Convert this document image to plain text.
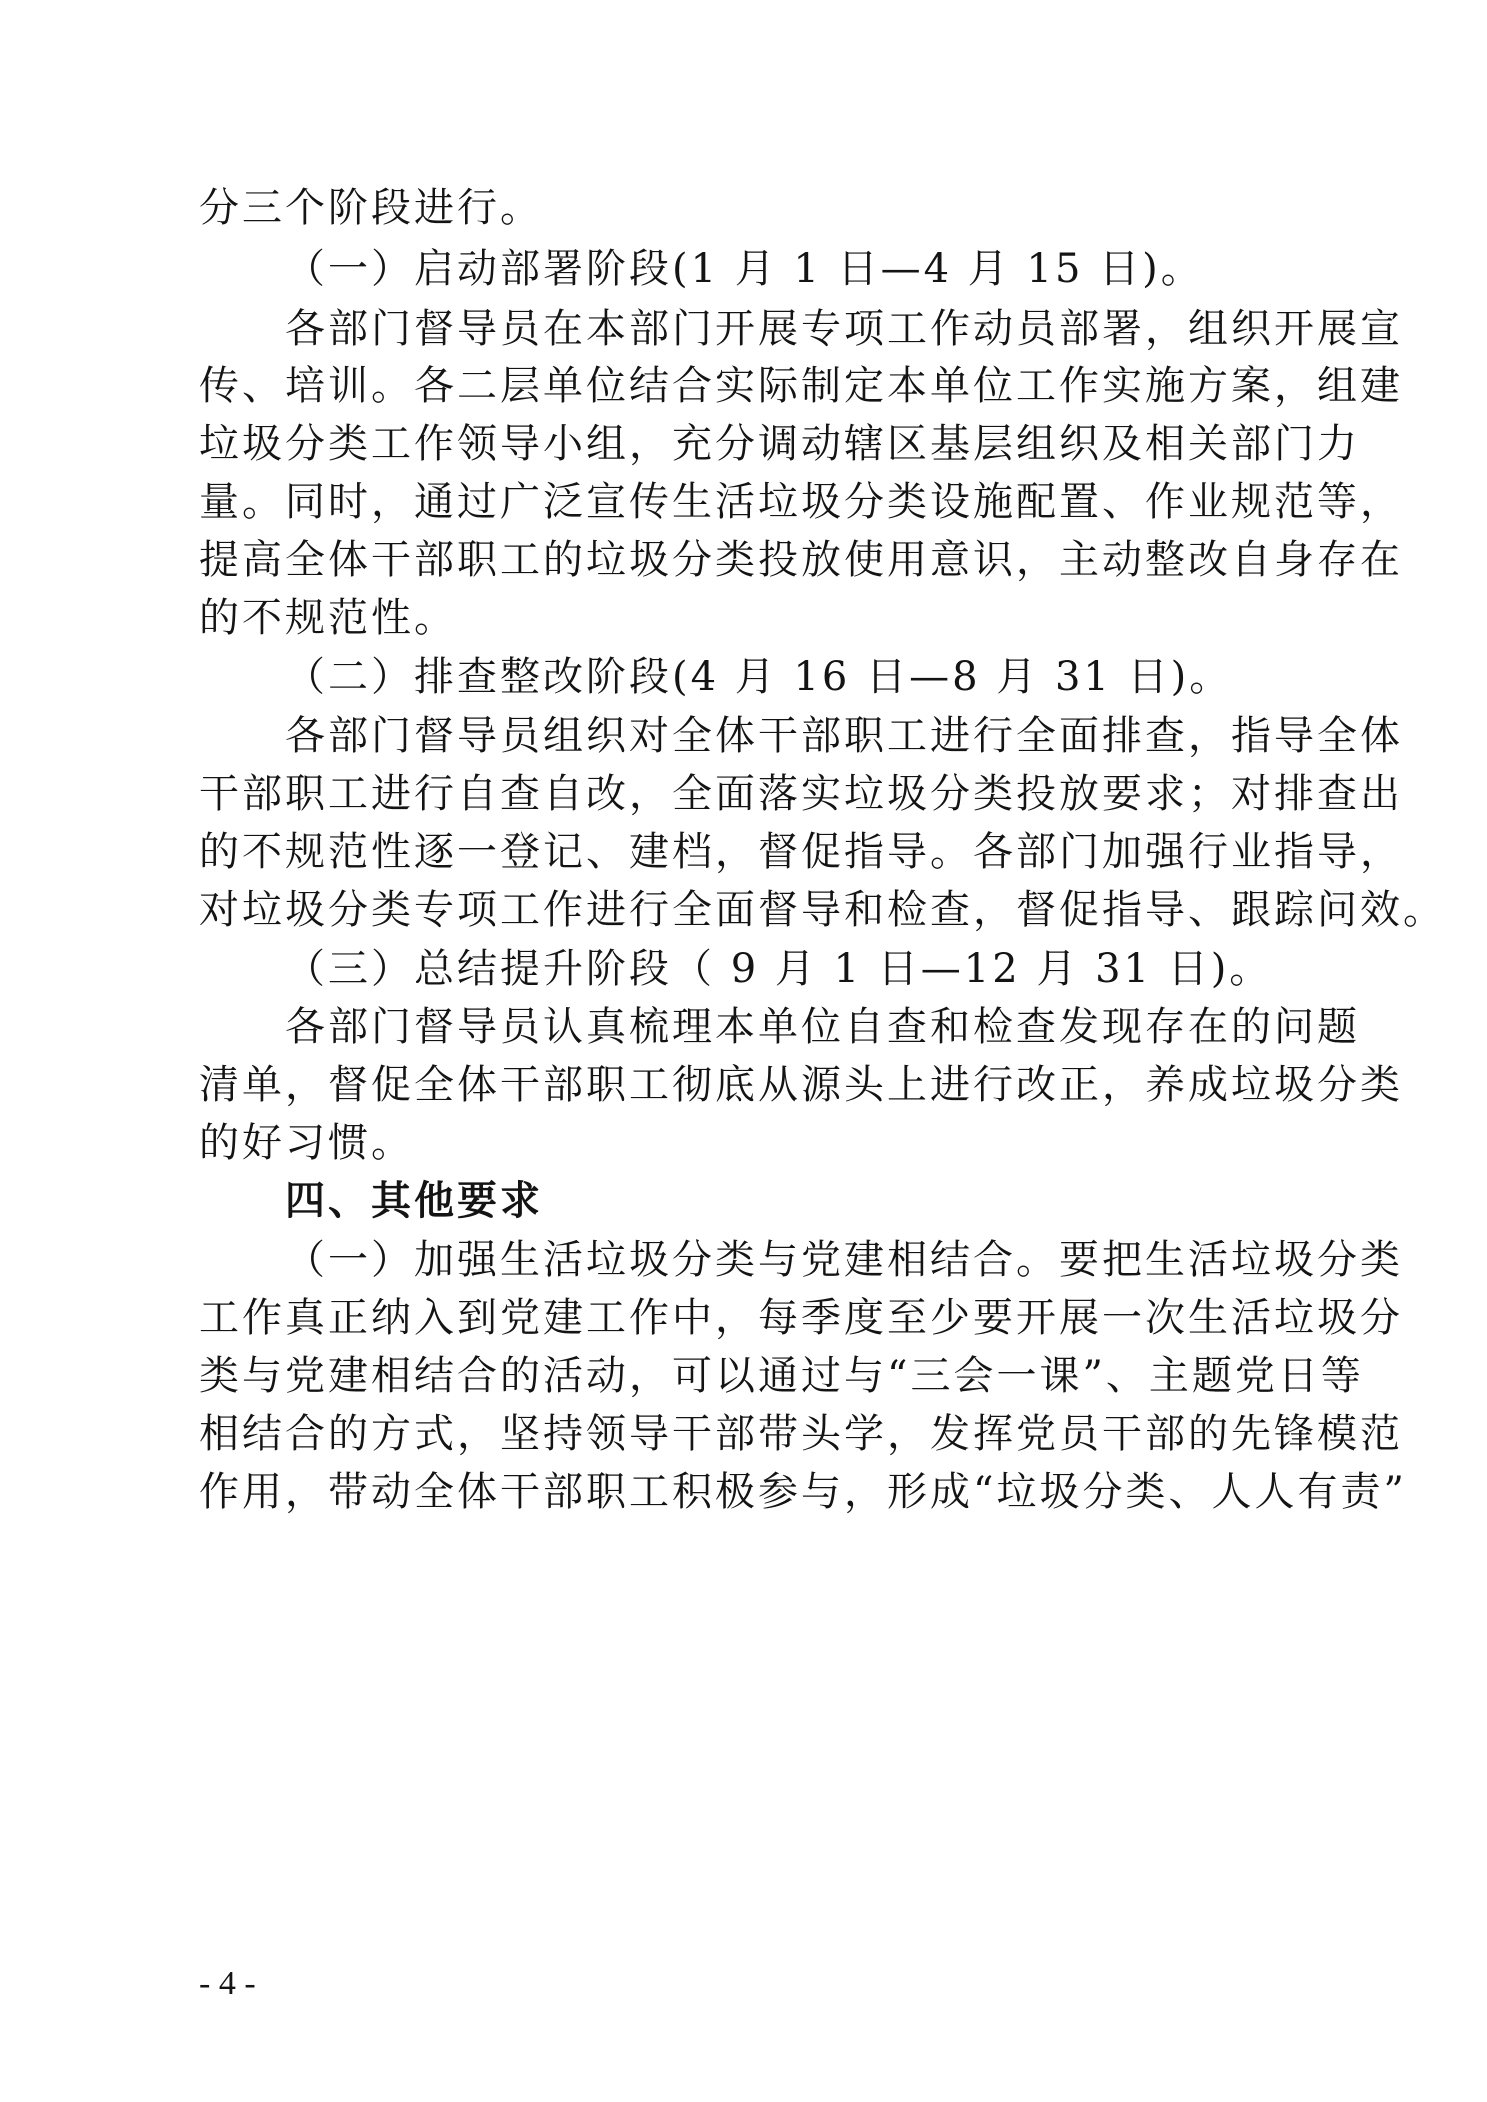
分三个阶段进行。
（一）启动部署阶段(1 月 1 日—4 月 15 日)。
各部门督导员在本部门开展专项工作动员部署，组织开展宣
传、培训。各二层单位结合实际制定本单位工作实施方案，组建
垃圾分类工作领导小组，充分调动辖区基层组织及相关部门力
量。同时，通过广泛宣传生活垃圾分类设施配置、作业规范等，
提高全体干部职工的垃圾分类投放使用意识，主动整改自身存在
的不规范性。
（二）排查整改阶段(4 月 16 日—8 月 31 日)。
各部门督导员组织对全体干部职工进行全面排查，指导全体
干部职工进行自查自改，全面落实垃圾分类投放要求；对排查出
的不规范性逐一登记、建档，督促指导。各部门加强行业指导，
对垃圾分类专项工作进行全面督导和检查，督促指导、跟踪问效。
（三）总结提升阶段（ 9 月 1 日—12 月 31 日)。
各部门督导员认真梳理本单位自查和检查发现存在的问题
清单，督促全体干部职工彻底从源头上进行改正，养成垃圾分类
的好习惯。
四、其他要求
（一）加强生活垃圾分类与党建相结合。要把生活垃圾分类
工作真正纳入到党建工作中，每季度至少要开展一次生活垃圾分
类与党建相结合的活动，可以通过与“三会一课”、主题党日等
相结合的方式，坚持领导干部带头学，发挥党员干部的先锋模范
作用，带动全体干部职工积极参与，形成“垃圾分类、人人有责”
- 4 -
